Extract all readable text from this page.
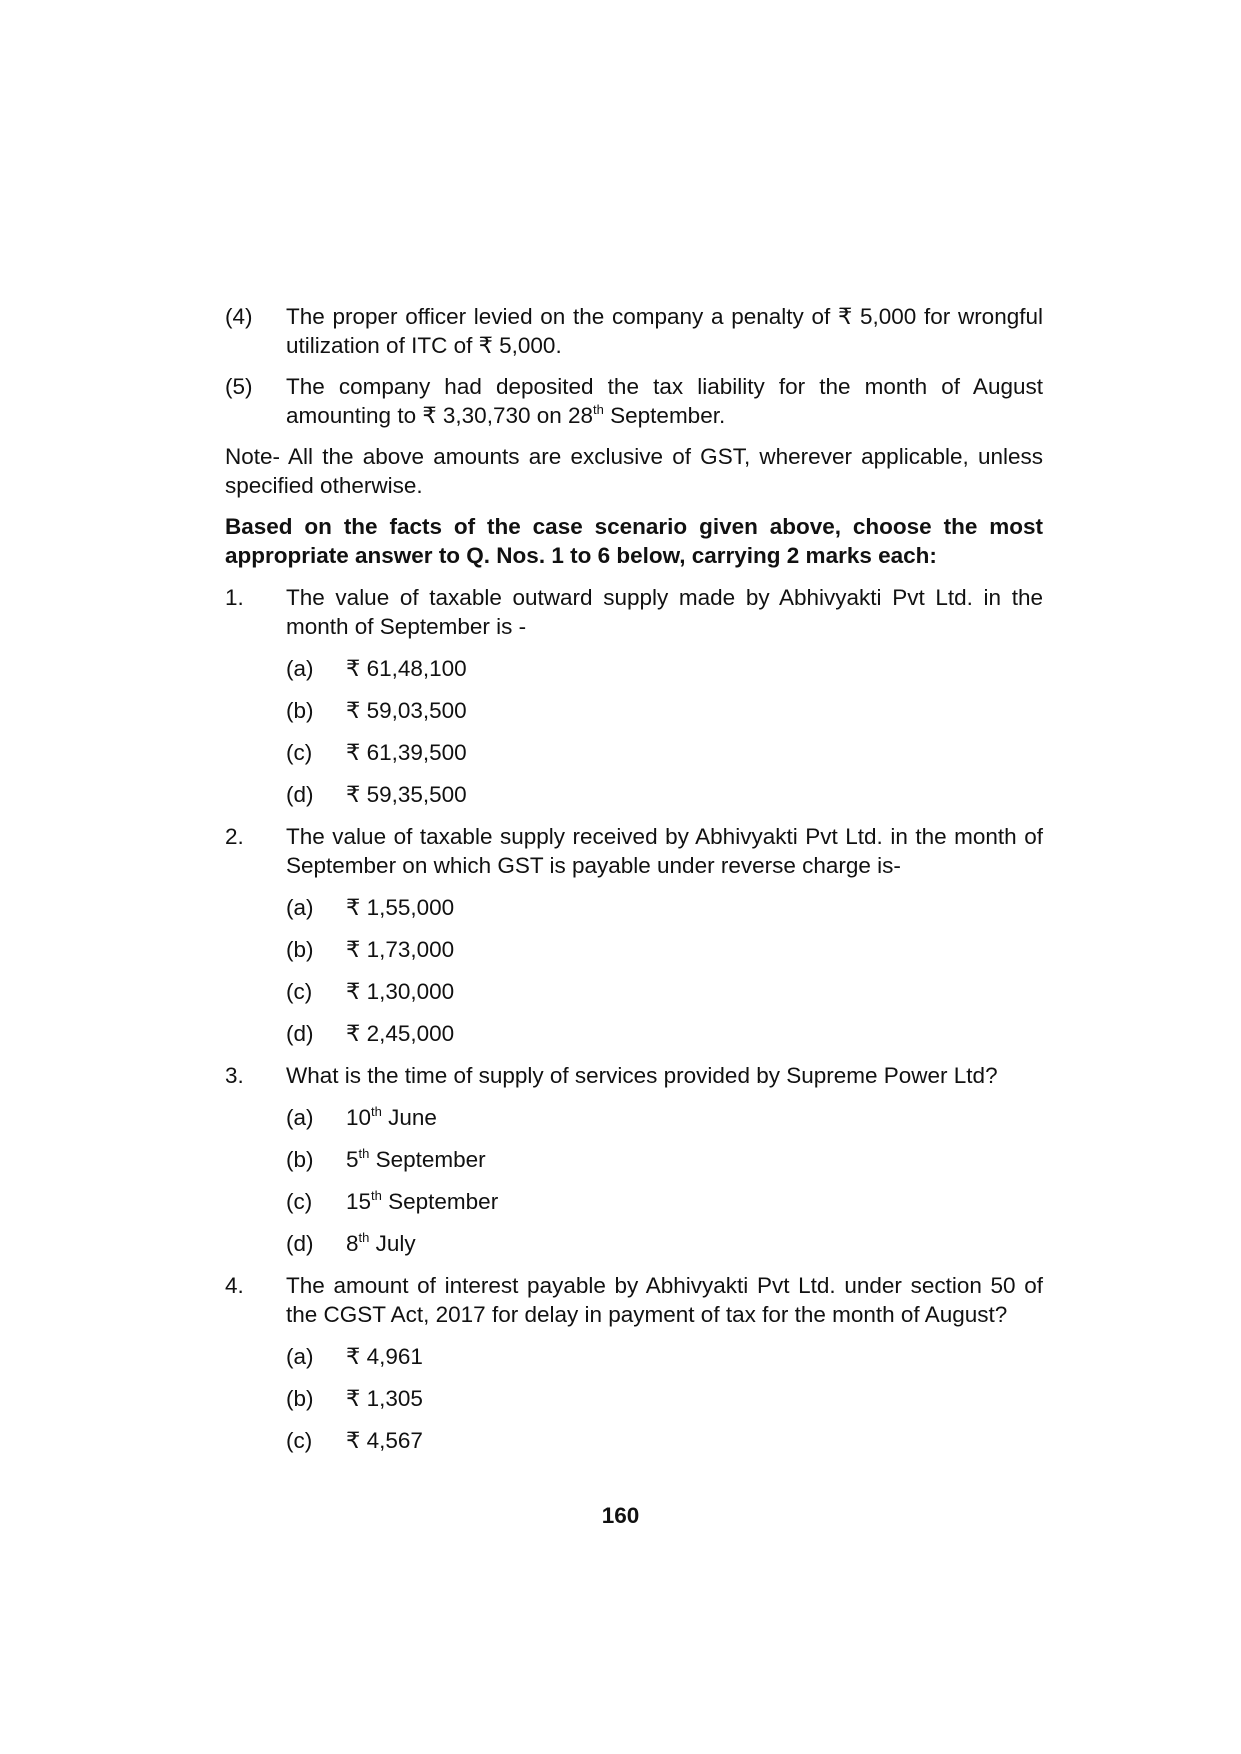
(4)	The proper officer levied on the company a penalty of ₹ 5,000 for wrongful utilization of ITC of ₹ 5,000.
(5)	The company had deposited the tax liability for the month of August amounting to ₹ 3,30,730 on 28th September.
Note- All the above amounts are exclusive of GST, wherever applicable, unless specified otherwise.
Based on the facts of the case scenario given above, choose the most appropriate answer to Q. Nos. 1 to 6 below, carrying 2 marks each:
1.	The value of taxable outward supply made by Abhivyakti Pvt Ltd. in the month of September is -
(a)	₹ 61,48,100
(b)	₹ 59,03,500
(c)	₹ 61,39,500
(d)	₹ 59,35,500
2.	The value of taxable supply received by Abhivyakti Pvt Ltd. in the month of September on which GST is payable under reverse charge is-
(a)	₹ 1,55,000
(b)	₹ 1,73,000
(c)	₹ 1,30,000
(d)	₹ 2,45,000
3.	What is the time of supply of services provided by Supreme Power Ltd?
(a)	10th June
(b)	5th September
(c)	15th September
(d)	8th July
4.	The amount of interest payable by Abhivyakti Pvt Ltd. under section 50 of the CGST Act, 2017 for delay in payment of tax for the month of August?
(a)	₹ 4,961
(b)	₹ 1,305
(c)	₹ 4,567
160
